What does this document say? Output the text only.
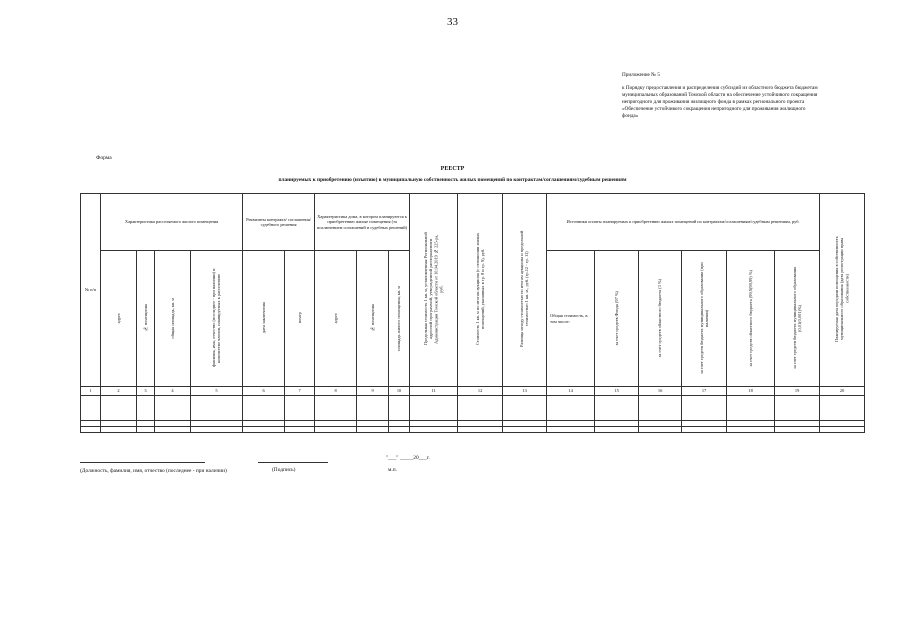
33
Приложение № 5
к Порядку предоставления и распределения субсидий из областного бюджета бюджетам муниципальных образований Томской области на обеспечение устойчивого сокращения непригодного для проживания жилищного фонда в рамках регионального проекта «Обеспечение устойчивого сокращения непригодного для проживания жилищного фонда»
Форма
РЕЕСТР
планируемых к приобретению (изъятию) в муниципальную собственность жилых помещений по контрактам/соглашениям/судебным решениям
№ п/п	Характеристика расселяемого жилого помещения				Реквизиты контракта/ соглашения/ судебного решения		Характеристика дома, в котором планируются к приобретению жилые помещения (за исключением соглашений и судебных решений)			Предельная стоимость 1 кв. м, установленная Региональной адресной программой, утвержденной распоряжением Администрации Томской области от 10.04.2019 № 225-ра, руб.	Стоимость 1 кв. м по итогам аукциона (с отношении жилых помещений, указанных в гр. 8 и гр. 9), руб.	Разница между стоимостью по итогам аукциона и предельной стоимостью 1 кв. м., руб. (гр.12 - гр. 11)	Источники оплаты планируемых к приобретению жилых помещений по контрактам/соглашениям/судебным решениям, руб.						Планируемая дата передачи помещения в собственность муниципального образования (дата регистрации права собственности)
	адрес	№ помещения	общая площадь, кв. м	фамилия, имя, отчество (последнее - при наличии) и количество членов, планируемых к расселению	дата заключения	номер	адрес	№ помещения	площадь жилого помещения, кв. м				Общая стоимость, в том числе:	за счет средств Фонда (97 %)	за счет средств областного бюджета (3 %)	за счет средств бюджета муниципального образования (при наличии)	за счет средств областного бюджета (99,9(99,99) %)	за счет средств бюджета муниципального образования (0,01(0,001)%)	
1	2	3	4	5	6	7	8	9	10	11	12	13	14	15	16	17	18	19	20

"___" _____20___г.
(Должность, фамилия, имя, отчество (последнее - при наличии)	(Подпись)	м.п.
